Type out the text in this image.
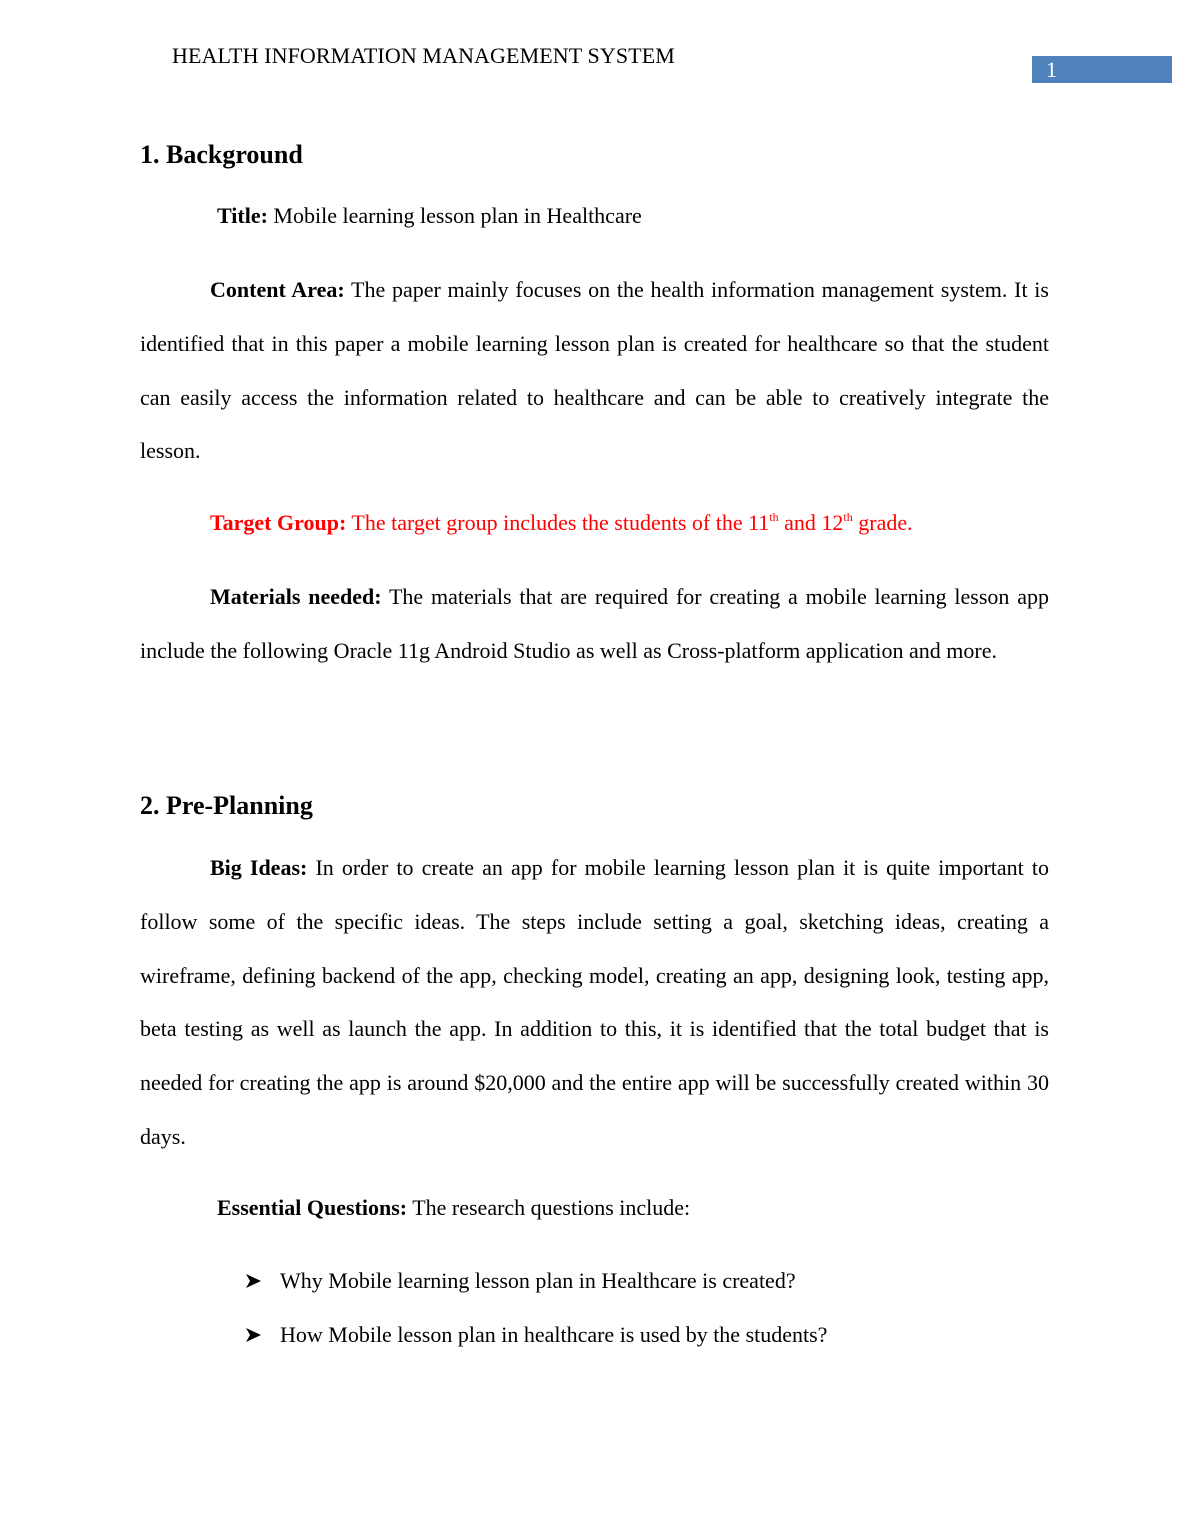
HEALTH INFORMATION MANAGEMENT SYSTEM
1
1. Background

Title: Mobile learning lesson plan in Healthcare

Content Area: The paper mainly focuses on the health information management system. It is identified that in this paper a mobile learning lesson plan is created for healthcare so that the student can easily access the information related to healthcare and can be able to creatively integrate the lesson.

Target Group: The target group includes the students of the 11th and 12th grade.

Materials needed: The materials that are required for creating a mobile learning lesson app include the following Oracle 11g Android Studio as well as Cross-platform application and more.

2. Pre-Planning

Big Ideas: In order to create an app for mobile learning lesson plan it is quite important to follow some of the specific ideas. The steps include setting a goal, sketching ideas, creating a wireframe, defining backend of the app, checking model, creating an app, designing look, testing app, beta testing as well as launch the app. In addition to this, it is identified that the total budget that is needed for creating the app is around $20,000 and the entire app will be successfully created within 30 days.

Essential Questions: The research questions include:

Why Mobile learning lesson plan in Healthcare is created?
How Mobile lesson plan in healthcare is used by the students?
